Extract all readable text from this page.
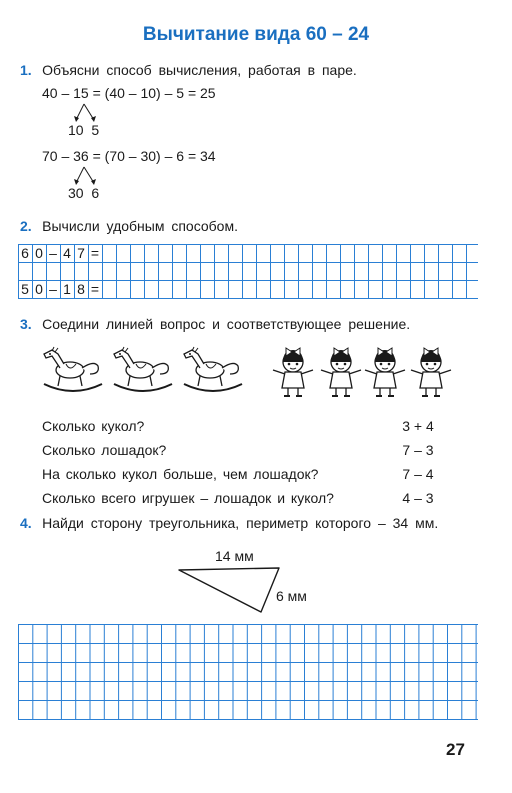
Вычитание вида 60 – 24
1. Объясни способ вычисления, работая в паре.
40 – 15 = (40 – 10) – 5 = 25
10 5
70 – 36 = (70 – 30) – 6 = 34
30 6
2. Вычисли удобным способом.
6 0 – 4 7 =
5 0 – 1 8 =
3. Соедини линией вопрос и соответствующее решение.
Сколько кукол?
Сколько лошадок?
На сколько кукол больше, чем лошадок?
Сколько всего игрушек – лошадок и кукол?
3 + 4
7 – 3
7 – 4
4 – 3
4. Найди сторону треугольника, периметр которого – 34 мм.
14 мм
6 мм
27
